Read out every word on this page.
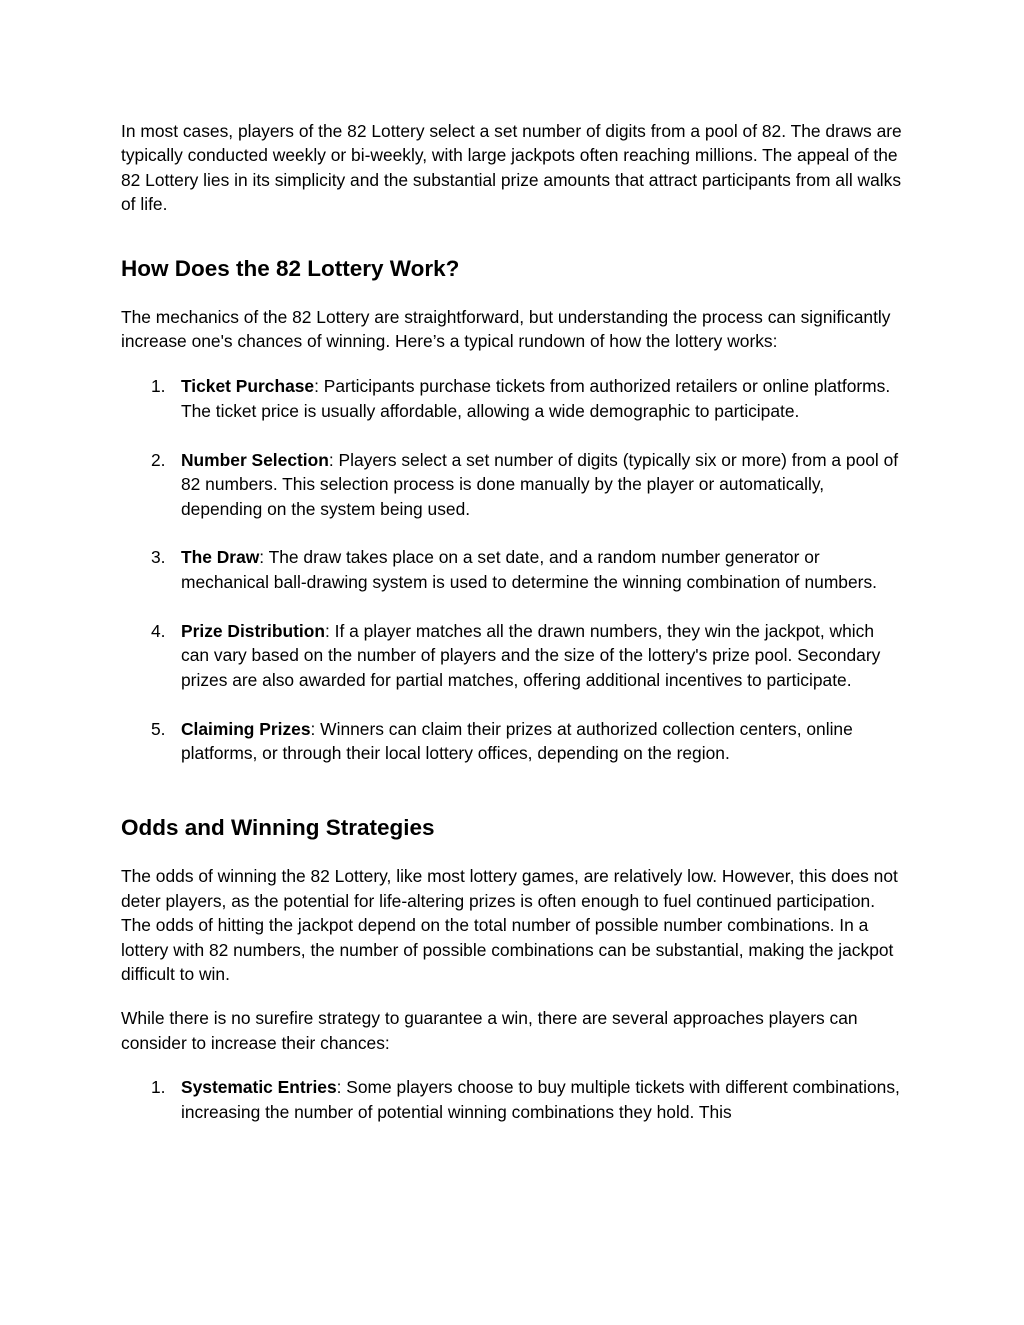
In most cases, players of the 82 Lottery select a set number of digits from a pool of 82. The draws are typically conducted weekly or bi-weekly, with large jackpots often reaching millions. The appeal of the 82 Lottery lies in its simplicity and the substantial prize amounts that attract participants from all walks of life.

How Does the 82 Lottery Work?

The mechanics of the 82 Lottery are straightforward, but understanding the process can significantly increase one's chances of winning. Here’s a typical rundown of how the lottery works:

1. Ticket Purchase: Participants purchase tickets from authorized retailers or online platforms. The ticket price is usually affordable, allowing a wide demographic to participate.
2. Number Selection: Players select a set number of digits (typically six or more) from a pool of 82 numbers. This selection process is done manually by the player or automatically, depending on the system being used.
3. The Draw: The draw takes place on a set date, and a random number generator or mechanical ball-drawing system is used to determine the winning combination of numbers.
4. Prize Distribution: If a player matches all the drawn numbers, they win the jackpot, which can vary based on the number of players and the size of the lottery's prize pool. Secondary prizes are also awarded for partial matches, offering additional incentives to participate.
5. Claiming Prizes: Winners can claim their prizes at authorized collection centers, online platforms, or through their local lottery offices, depending on the region.
Odds and Winning Strategies

The odds of winning the 82 Lottery, like most lottery games, are relatively low. However, this does not deter players, as the potential for life-altering prizes is often enough to fuel continued participation. The odds of hitting the jackpot depend on the total number of possible number combinations. In a lottery with 82 numbers, the number of possible combinations can be substantial, making the jackpot difficult to win.

While there is no surefire strategy to guarantee a win, there are several approaches players can consider to increase their chances:

1. Systematic Entries: Some players choose to buy multiple tickets with different combinations, increasing the number of potential winning combinations they hold. This
